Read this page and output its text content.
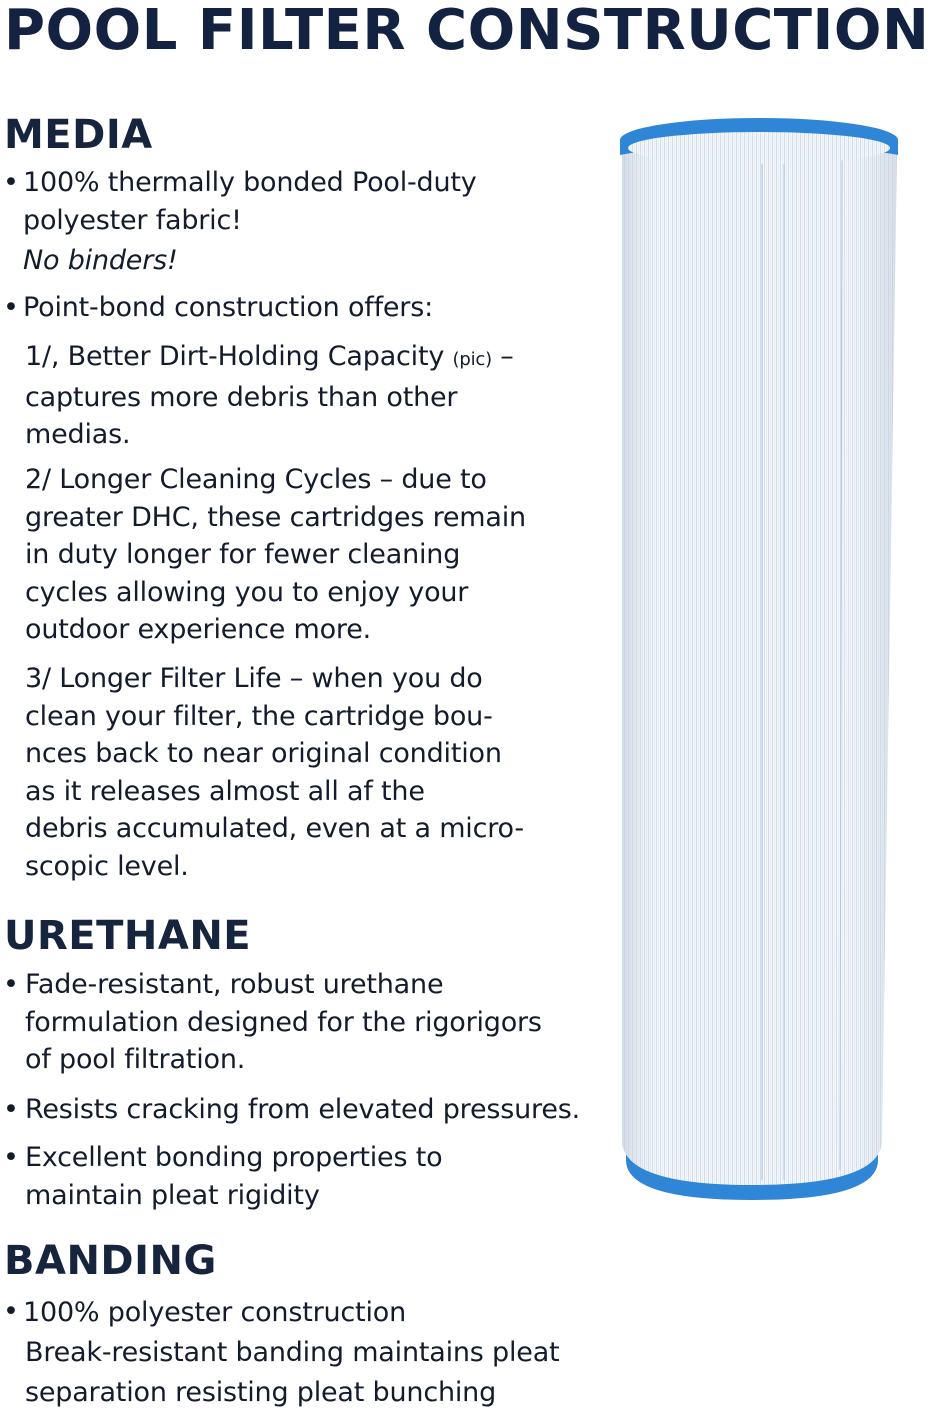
POOL FILTER CONSTRUCTION
MEDIA
• 100% thermally bonded Pool-duty
polyester fabric!
No binders!
• Point-bond construction offers:
1/, Better Dirt-Holding Capacity (pic) –
captures more debris than other
medias.
2/ Longer Cleaning Cycles – due to
greater DHC, these cartridges remain
in duty longer for fewer cleaning
cycles allowing you to enjoy your
outdoor experience more.
3/ Longer Filter Life – when you do
clean your filter, the cartridge bou-
nces back to near original condition
as it releases almost all af the
debris accumulated, even at a micro-
scopic level.
URETHANE
• Fade-resistant, robust urethane
formulation designed for the rigorigors
of pool filtration.
• Resists cracking from elevated pressures.
• Excellent bonding properties to
maintain pleat rigidity
BANDING
• 100% polyester construction
Break-resistant banding maintains pleat
separation resisting pleat bunching
